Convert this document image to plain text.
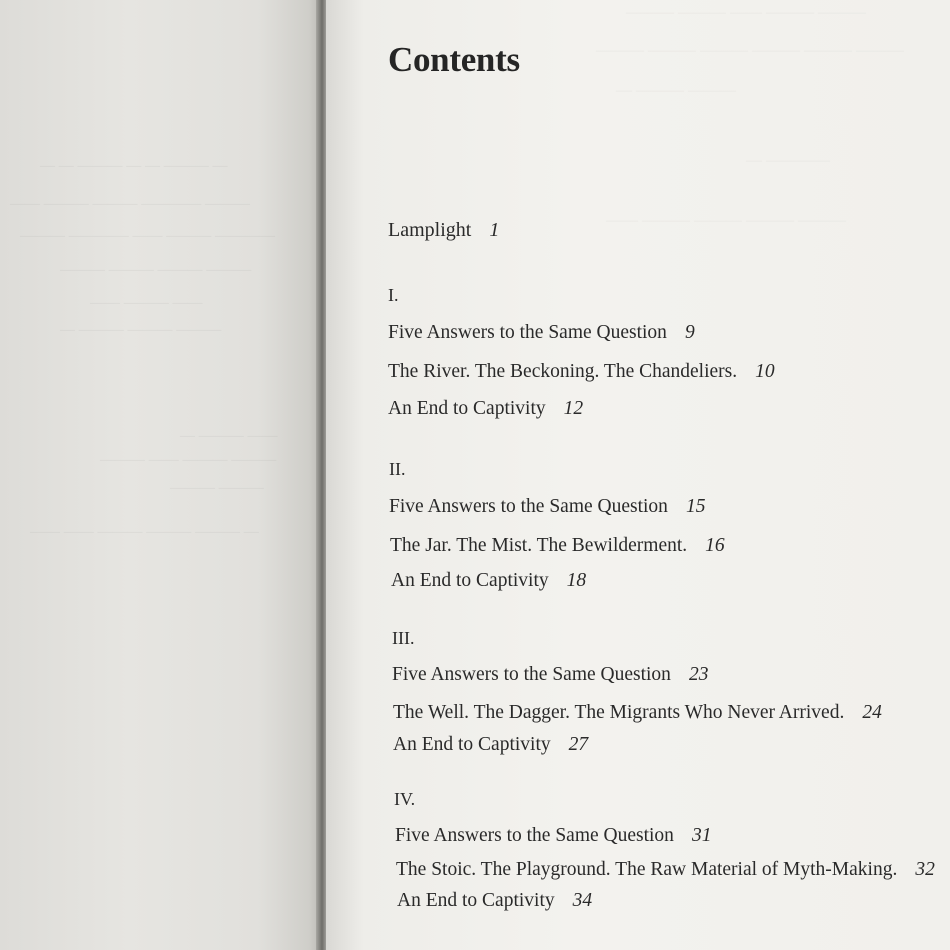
— ——— — — ——— — —
——— ———— ——— ——— ——
———— ——— —— ———— ———
——— ——— ——— ———
—— ——— ——
——— ——— ——— —
—— ——— —
——— ——— —— ———
——— ———
— ——— ——— ——— —— ——
——— ——— —— ——— ———
——— ——— ——— ——— ——— ———
——— ——— —
———— —
——— ——— ——— ——— ——
Contents
Lamplight 1
I.
Five Answers to the Same Question 9
The River. The Beckoning. The Chandeliers. 10
An End to Captivity 12
II.
Five Answers to the Same Question 15
The Jar. The Mist. The Bewilderment. 16
An End to Captivity 18
III.
Five Answers to the Same Question 23
The Well. The Dagger. The Migrants Who Never Arrived. 24
An End to Captivity 27
IV.
Five Answers to the Same Question 31
The Stoic. The Playground. The Raw Material of Myth-Making. 32
An End to Captivity 34
